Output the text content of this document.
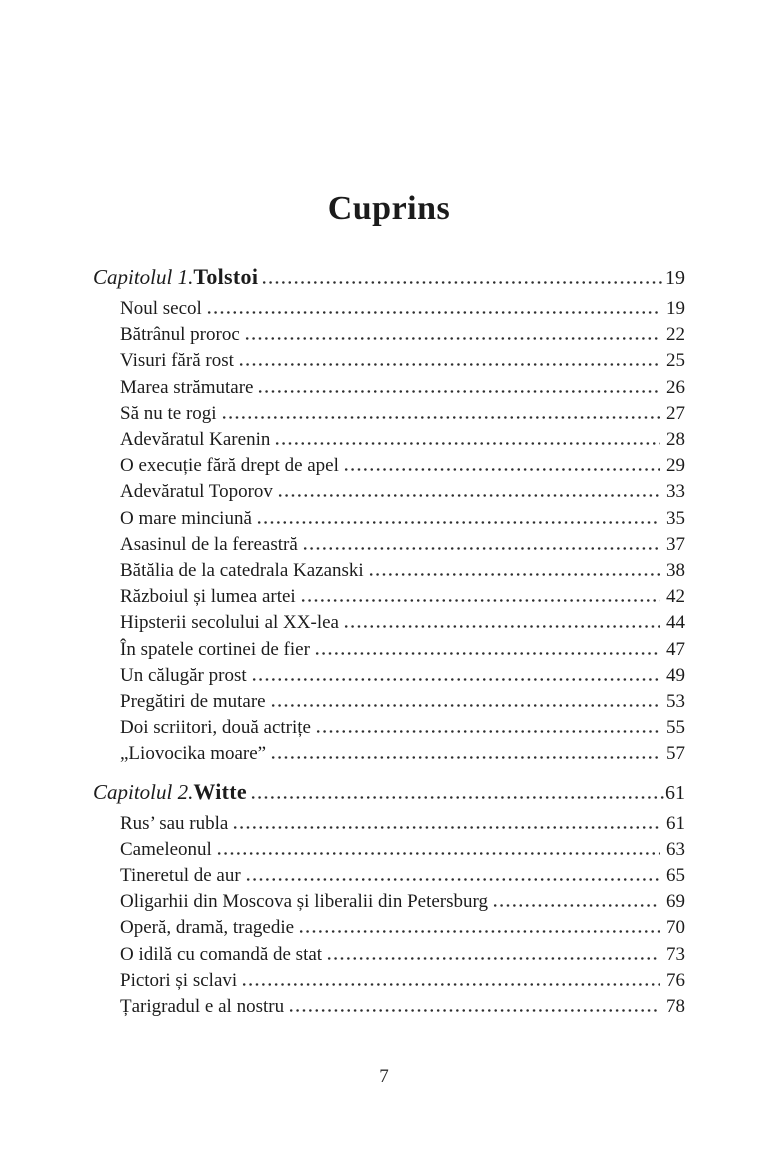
Cuprins
Capitolul 1. Tolstoi	19
Noul secol	19
Bătrânul proroc	22
Visuri fără rost	25
Marea strămutare	26
Să nu te rogi	27
Adevăratul Karenin	28
O execuție fără drept de apel	29
Adevăratul Toporov	33
O mare minciună	35
Asasinul de la fereastră	37
Bătălia de la catedrala Kazanski	38
Războiul și lumea artei	42
Hipsterii secolului al XX-lea	44
În spatele cortinei de fier	47
Un călugăr prost	49
Pregătiri de mutare	53
Doi scriitori, două actrițe	55
„Liovocika moare”	57
Capitolul 2. Witte	61
Rus’ sau rubla	61
Cameleonul	63
Tineretul de aur	65
Oligarhii din Moscova și liberalii din Petersburg	69
Operă, dramă, tragedie	70
O idilă cu comandă de stat	73
Pictori și sclavi	76
Țarigradul e al nostru	78
7
